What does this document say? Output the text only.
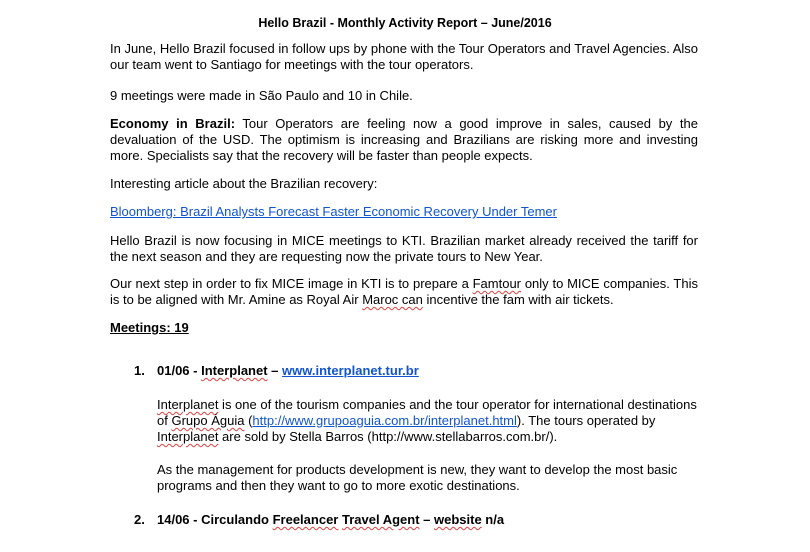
Hello Brazil - Monthly Activity Report – June/2016

In June, Hello Brazil focused in follow ups by phone with the Tour Operators and Travel Agencies. Also our team went to Santiago for meetings with the tour operators.

9 meetings were made in São Paulo and 10 in Chile.

Economy in Brazil: Tour Operators are feeling now a good improve in sales, caused by the devaluation of the USD. The optimism is increasing and Brazilians are risking more and investing more. Specialists say that the recovery will be faster than people expects.

Interesting article about the Brazilian recovery:

Bloomberg: Brazil Analysts Forecast Faster Economic Recovery Under Temer

Hello Brazil is now focusing in MICE meetings to KTI. Brazilian market already received the tariff for the next season and they are requesting now the private tours to New Year.

Our next step in order to fix MICE image in KTI is to prepare a Famtour only to MICE companies. This is to be aligned with Mr. Amine as Royal Air Maroc can incentive the fam with air tickets.

Meetings: 19

1. 01/06 - Interplanet – www.interplanet.tur.br

Interplanet is one of the tourism companies and the tour operator for international destinations of Grupo Águia (http://www.grupoaguia.com.br/interplanet.html). The tours operated by Interplanet are sold by Stella Barros (http://www.stellabarros.com.br/).

As the management for products development is new, they want to develop the most basic programs and then they want to go to more exotic destinations.

2. 14/06 - Circulando Freelancer Travel Agent – website n/a
